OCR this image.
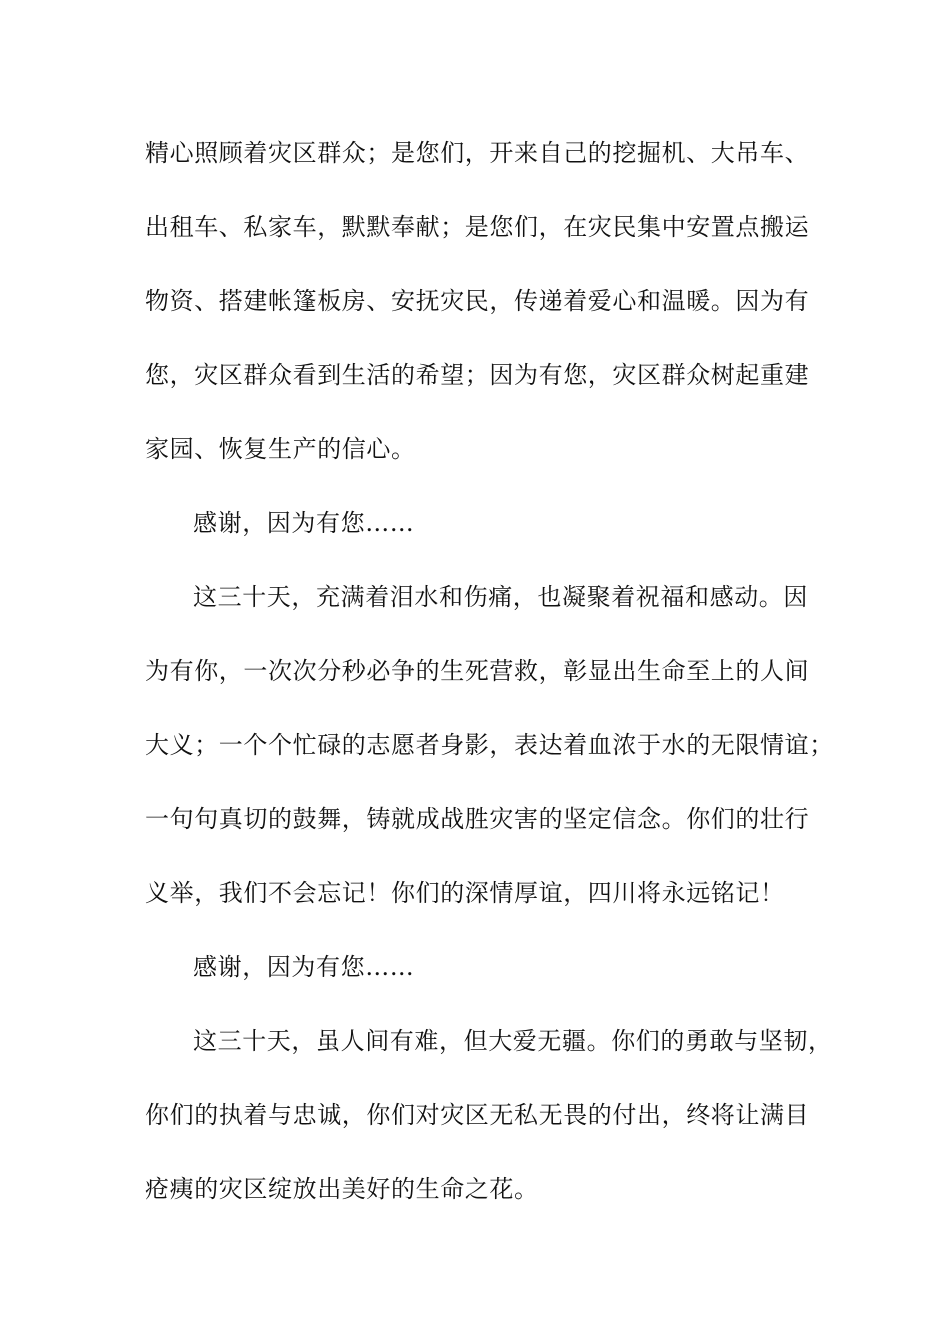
精心照顾着灾区群众；是您们，开来自己的挖掘机、大吊车、
出租车、私家车，默默奉献；是您们，在灾民集中安置点搬运
物资、搭建帐篷板房、安抚灾民，传递着爱心和温暖。因为有
您，灾区群众看到生活的希望；因为有您，灾区群众树起重建
家园、恢复生产的信心。
感谢，因为有您……
这三十天，充满着泪水和伤痛，也凝聚着祝福和感动。因
为有你，一次次分秒必争的生死营救，彰显出生命至上的人间
大义；一个个忙碌的志愿者身影，表达着血浓于水的无限情谊；
一句句真切的鼓舞，铸就成战胜灾害的坚定信念。你们的壮行
义举，我们不会忘记！你们的深情厚谊，四川将永远铭记！
感谢，因为有您……
这三十天，虽人间有难，但大爱无疆。你们的勇敢与坚韧，
你们的执着与忠诚，你们对灾区无私无畏的付出，终将让满目
疮痍的灾区绽放出美好的生命之花。
